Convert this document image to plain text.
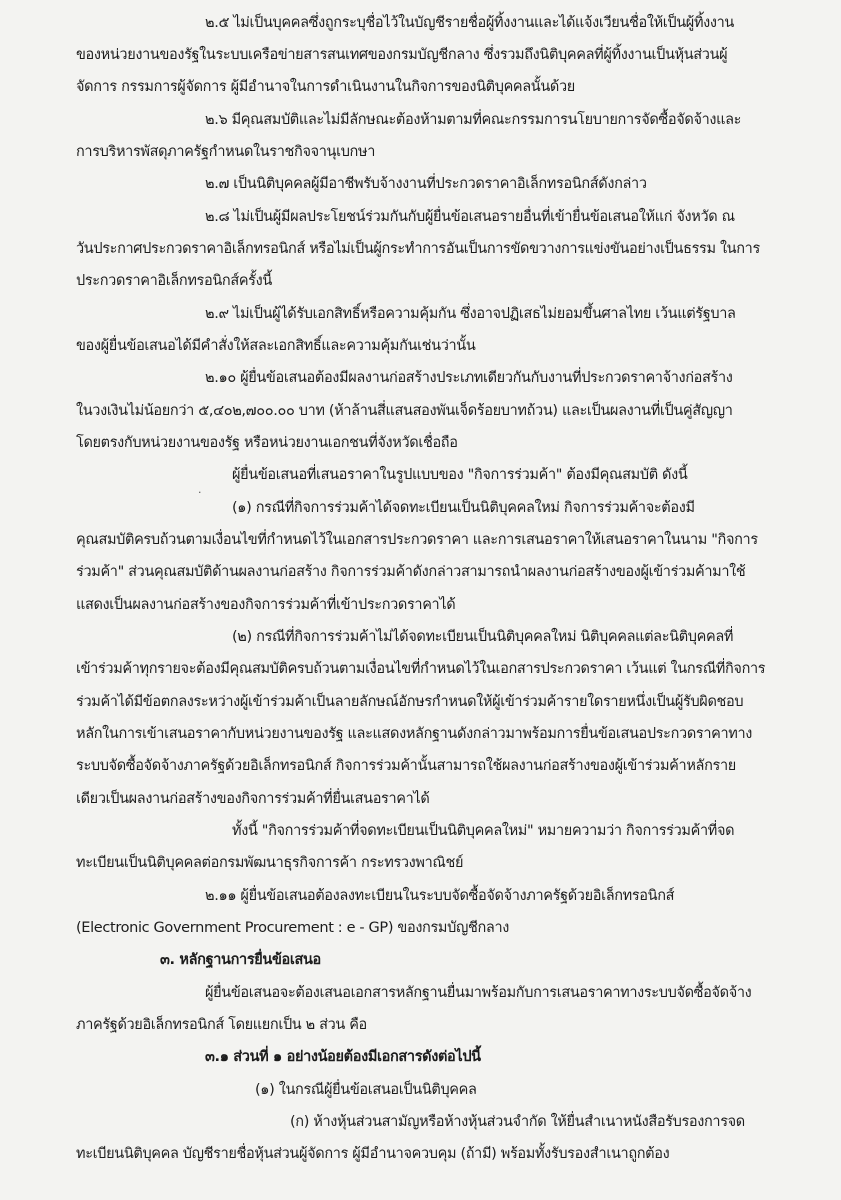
๒.๕ ไม่เป็นบุคคลซึ่งถูกระบุชื่อไว้ในบัญชีรายชื่อผู้ทิ้งงานและได้แจ้งเวียนชื่อให้เป็นผู้ทิ้งงาน
ของหน่วยงานของรัฐในระบบเครือข่ายสารสนเทศของกรมบัญชีกลาง ซึ่งรวมถึงนิติบุคคลที่ผู้ทิ้งงานเป็นหุ้นส่วนผู้
จัดการ กรรมการผู้จัดการ ผู้มีอำนาจในการดำเนินงานในกิจการของนิติบุคคลนั้นด้วย
๒.๖ มีคุณสมบัติและไม่มีลักษณะต้องห้ามตามที่คณะกรรมการนโยบายการจัดซื้อจัดจ้างและ
การบริหารพัสดุภาครัฐกำหนดในราชกิจจานุเบกษา
๒.๗ เป็นนิติบุคคลผู้มีอาชีพรับจ้างงานที่ประกวดราคาอิเล็กทรอนิกส์ดังกล่าว
๒.๘ ไม่เป็นผู้มีผลประโยชน์ร่วมกันกับผู้ยื่นข้อเสนอรายอื่นที่เข้ายื่นข้อเสนอให้แก่ จังหวัด ณ
วันประกาศประกวดราคาอิเล็กทรอนิกส์ หรือไม่เป็นผู้กระทำการอันเป็นการขัดขวางการแข่งขันอย่างเป็นธรรม ในการ
ประกวดราคาอิเล็กทรอนิกส์ครั้งนี้
๒.๙ ไม่เป็นผู้ได้รับเอกสิทธิ์หรือความคุ้มกัน ซึ่งอาจปฏิเสธไม่ยอมขึ้นศาลไทย เว้นแต่รัฐบาล
ของผู้ยื่นข้อเสนอได้มีคำสั่งให้สละเอกสิทธิ์และความคุ้มกันเช่นว่านั้น
๒.๑๐ ผู้ยื่นข้อเสนอต้องมีผลงานก่อสร้างประเภทเดียวกันกับงานที่ประกวดราคาจ้างก่อสร้าง
ในวงเงินไม่น้อยกว่า ๕,๔๐๒,๗๐๐.๐๐ บาท (ห้าล้านสี่แสนสองพันเจ็ดร้อยบาทถ้วน) และเป็นผลงานที่เป็นคู่สัญญา
โดยตรงกับหน่วยงานของรัฐ หรือหน่วยงานเอกชนที่จังหวัดเชื่อถือ
·
ผู้ยื่นข้อเสนอที่เสนอราคาในรูปแบบของ "กิจการร่วมค้า" ต้องมีคุณสมบัติ ดังนี้
(๑) กรณีที่กิจการร่วมค้าได้จดทะเบียนเป็นนิติบุคคลใหม่ กิจการร่วมค้าจะต้องมี
คุณสมบัติครบถ้วนตามเงื่อนไขที่กำหนดไว้ในเอกสารประกวดราคา และการเสนอราคาให้เสนอราคาในนาม "กิจการ
ร่วมค้า" ส่วนคุณสมบัติด้านผลงานก่อสร้าง กิจการร่วมค้าดังกล่าวสามารถนำผลงานก่อสร้างของผู้เข้าร่วมค้ามาใช้
แสดงเป็นผลงานก่อสร้างของกิจการร่วมค้าที่เข้าประกวดราคาได้
(๒) กรณีที่กิจการร่วมค้าไม่ได้จดทะเบียนเป็นนิติบุคคลใหม่ นิติบุคคลแต่ละนิติบุคคลที่
เข้าร่วมค้าทุกรายจะต้องมีคุณสมบัติครบถ้วนตามเงื่อนไขที่กำหนดไว้ในเอกสารประกวดราคา เว้นแต่ ในกรณีที่กิจการ
ร่วมค้าได้มีข้อตกลงระหว่างผู้เข้าร่วมค้าเป็นลายลักษณ์อักษรกำหนดให้ผู้เข้าร่วมค้ารายใดรายหนึ่งเป็นผู้รับผิดชอบ
หลักในการเข้าเสนอราคากับหน่วยงานของรัฐ และแสดงหลักฐานดังกล่าวมาพร้อมการยื่นข้อเสนอประกวดราคาทาง
ระบบจัดซื้อจัดจ้างภาครัฐด้วยอิเล็กทรอนิกส์ กิจการร่วมค้านั้นสามารถใช้ผลงานก่อสร้างของผู้เข้าร่วมค้าหลักราย
เดียวเป็นผลงานก่อสร้างของกิจการร่วมค้าที่ยื่นเสนอราคาได้
ทั้งนี้ "กิจการร่วมค้าที่จดทะเบียนเป็นนิติบุคคลใหม่" หมายความว่า กิจการร่วมค้าที่จด
ทะเบียนเป็นนิติบุคคลต่อกรมพัฒนาธุรกิจการค้า กระทรวงพาณิชย์
๒.๑๑ ผู้ยื่นข้อเสนอต้องลงทะเบียนในระบบจัดซื้อจัดจ้างภาครัฐด้วยอิเล็กทรอนิกส์
(Electronic Government Procurement : e - GP) ของกรมบัญชีกลาง
๓. หลักฐานการยื่นข้อเสนอ
ผู้ยื่นข้อเสนอจะต้องเสนอเอกสารหลักฐานยื่นมาพร้อมกับการเสนอราคาทางระบบจัดซื้อจัดจ้าง
ภาครัฐด้วยอิเล็กทรอนิกส์ โดยแยกเป็น ๒ ส่วน คือ
๓.๑ ส่วนที่ ๑ อย่างน้อยต้องมีเอกสารดังต่อไปนี้
(๑) ในกรณีผู้ยื่นข้อเสนอเป็นนิติบุคคล
(ก) ห้างหุ้นส่วนสามัญหรือห้างหุ้นส่วนจำกัด ให้ยื่นสำเนาหนังสือรับรองการจด
ทะเบียนนิติบุคคล บัญชีรายชื่อหุ้นส่วนผู้จัดการ ผู้มีอำนาจควบคุม (ถ้ามี) พร้อมทั้งรับรองสำเนาถูกต้อง
